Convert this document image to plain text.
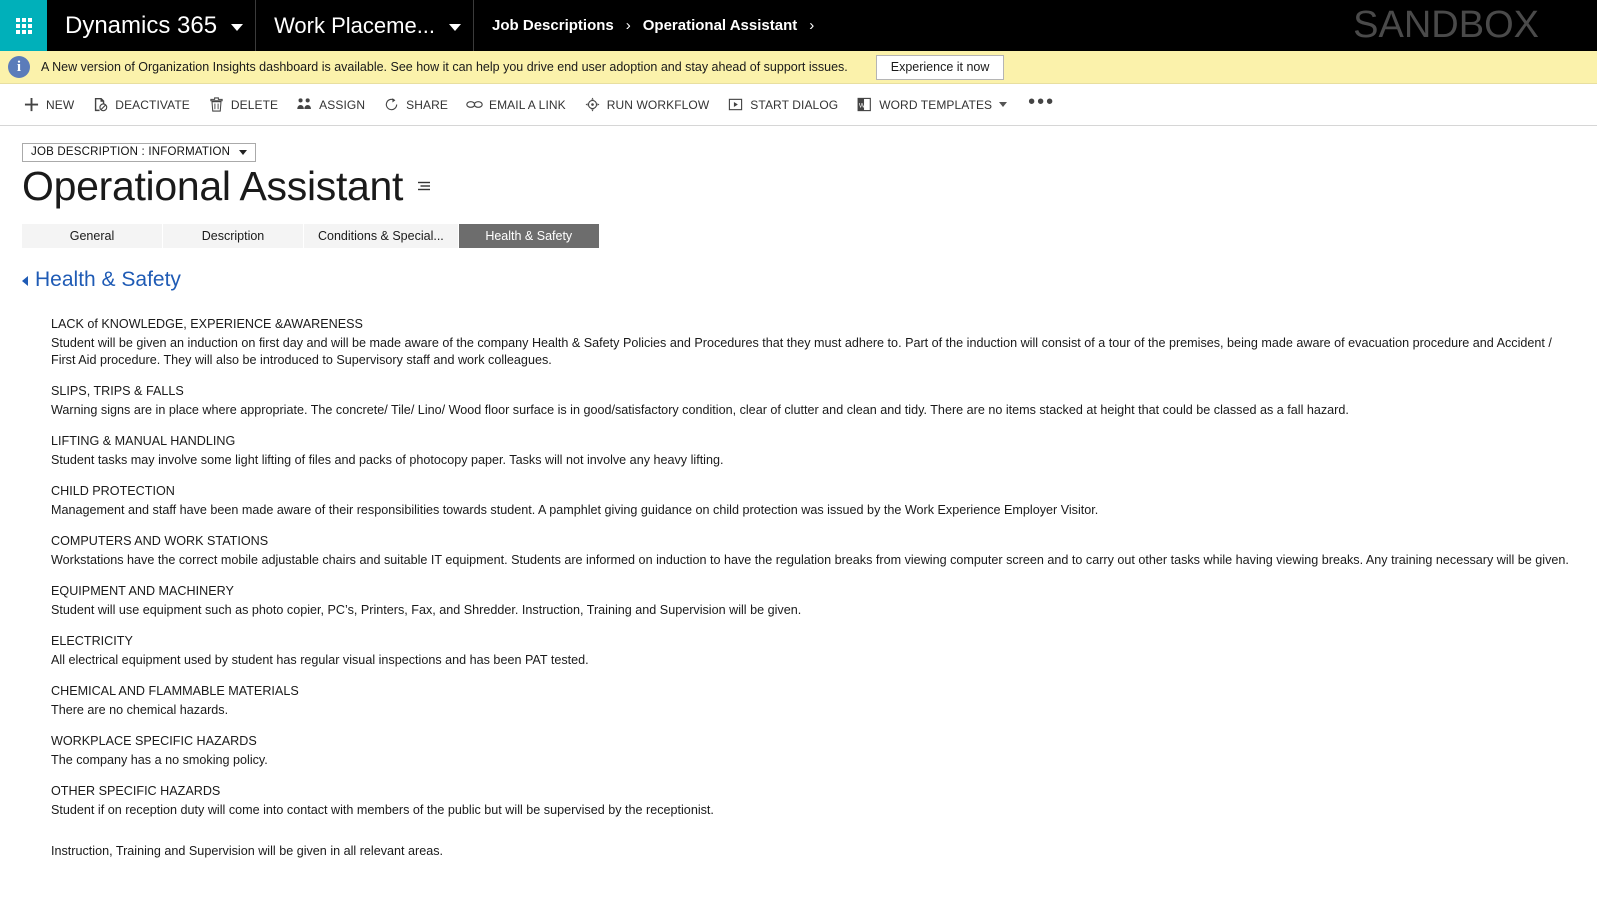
Dynamics 365	Work Placeme...	Job Descriptions › Operational Assistant ›	SANDBOX
i	A New version of Organization Insights dashboard is available. See how it can help you drive end user adoption and stay ahead of support issues.	Experience it now
NEW	DEACTIVATE	DELETE	ASSIGN	SHARE	EMAIL A LINK	RUN WORKFLOW	START DIALOG	W WORD TEMPLATES	•••
JOB DESCRIPTION : INFORMATION
Operational Assistant
General	Description	Conditions & Special...	Health & Safety
Health & Safety
LACK of KNOWLEDGE, EXPERIENCE &AWARENESS
Student will be given an induction on first day and will be made aware of the company Health & Safety Policies and Procedures that they must adhere to. Part of the induction will consist of a tour of the premises, being made aware of evacuation procedure and Accident / First Aid procedure. They will also be introduced to Supervisory staff and work colleagues.
SLIPS, TRIPS & FALLS
Warning signs are in place where appropriate. The concrete/ Tile/ Lino/ Wood floor surface is in good/satisfactory condition, clear of clutter and clean and tidy. There are no items stacked at height that could be classed as a fall hazard.
LIFTING & MANUAL HANDLING
Student tasks may involve some light lifting of files and packs of photocopy paper. Tasks will not involve any heavy lifting.
CHILD PROTECTION
Management and staff have been made aware of their responsibilities towards student. A pamphlet giving guidance on child protection was issued by the Work Experience Employer Visitor.
COMPUTERS AND WORK STATIONS
Workstations have the correct mobile adjustable chairs and suitable IT equipment. Students are informed on induction to have the regulation breaks from viewing computer screen and to carry out other tasks while having viewing breaks. Any training necessary will be given.
EQUIPMENT AND MACHINERY
Student will use equipment such as photo copier, PC’s, Printers, Fax, and Shredder. Instruction, Training and Supervision will be given.
ELECTRICITY
All electrical equipment used by student has regular visual inspections and has been PAT tested.
CHEMICAL AND FLAMMABLE MATERIALS
There are no chemical hazards.
WORKPLACE SPECIFIC HAZARDS
The company has a no smoking policy.
OTHER SPECIFIC HAZARDS
Student if on reception duty will come into contact with members of the public but will be supervised by the receptionist.
Instruction, Training and Supervision will be given in all relevant areas.
